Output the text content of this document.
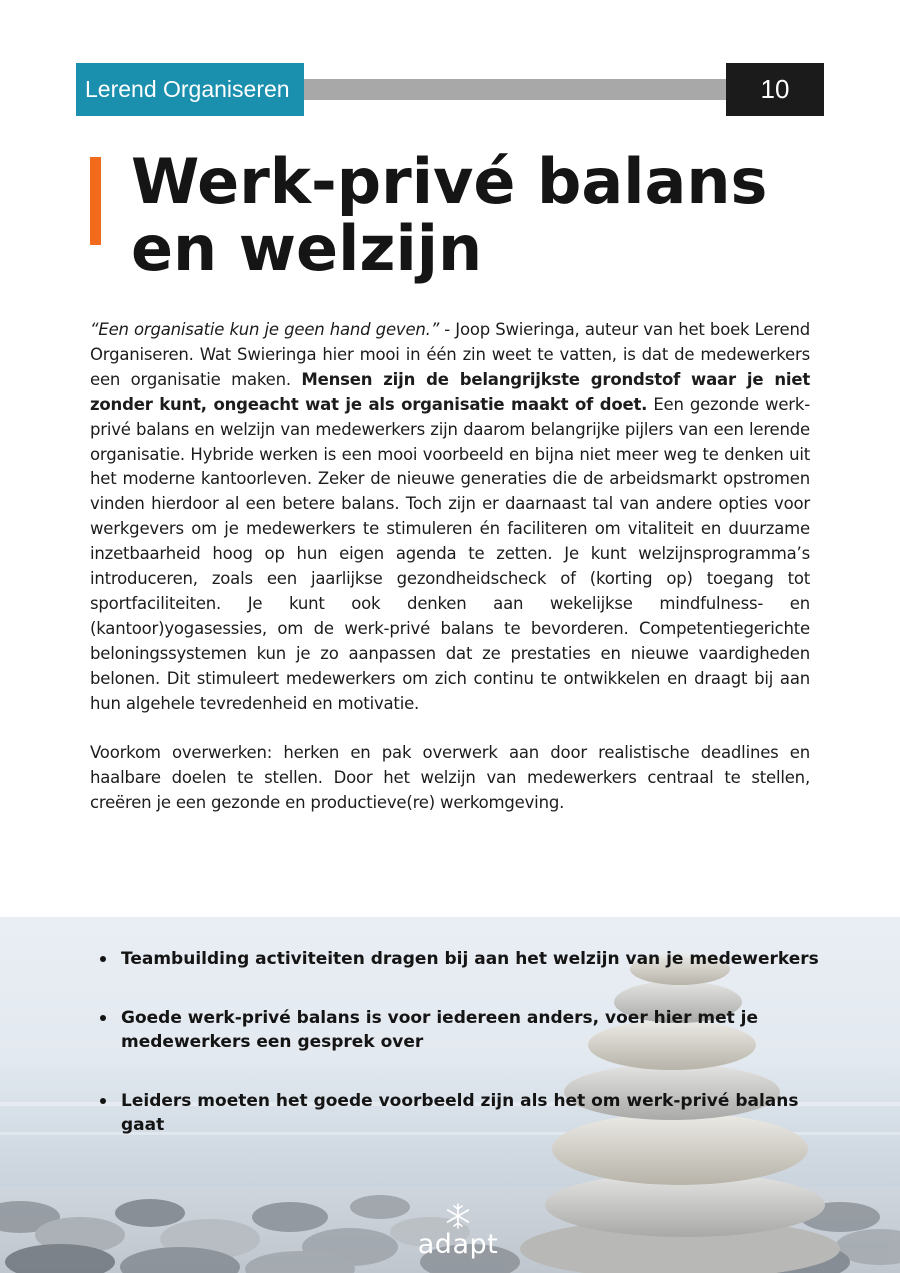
Lerend Organiseren	10
Werk-privé balans
en welzijn

“Een organisatie kun je geen hand geven.” - Joop Swieringa, auteur van het boek Lerend Organiseren. Wat Swieringa hier mooi in één zin weet te vatten, is dat de medewerkers een organisatie maken. Mensen zijn de belangrijkste grondstof waar je niet zonder kunt, ongeacht wat je als organisatie maakt of doet. Een gezonde werk-privé balans en welzijn van medewerkers zijn daarom belangrijke pijlers van een lerende organisatie. Hybride werken is een mooi voorbeeld en bijna niet meer weg te denken uit het moderne kantoorleven. Zeker de nieuwe generaties die de arbeidsmarkt opstromen vinden hierdoor al een betere balans. Toch zijn er daarnaast tal van andere opties voor werkgevers om je medewerkers te stimuleren én faciliteren om vitaliteit en duurzame inzetbaarheid hoog op hun eigen agenda te zetten. Je kunt welzijnsprogramma’s introduceren, zoals een jaarlijkse gezondheidscheck of (korting op) toegang tot sportfaciliteiten. Je kunt ook denken aan wekelijkse mindfulness- en (kantoor)yogasessies, om de werk-privé balans te bevorderen. Competentiegerichte beloningssystemen kun je zo aanpassen dat ze prestaties en nieuwe vaardigheden belonen. Dit stimuleert medewerkers om zich continu te ontwikkelen en draagt bij aan hun algehele tevredenheid en motivatie.

Voorkom overwerken: herken en pak overwerk aan door realistische deadlines en haalbare doelen te stellen. Door het welzijn van medewerkers centraal te stellen, creëren je een gezonde en productieve(re) werkomgeving.

Teambuilding activiteiten dragen bij aan het welzijn van je medewerkers
Goede werk-privé balans is voor iedereen anders, voer hier met je medewerkers een gesprek over
Leiders moeten het goede voorbeeld zijn als het om werk-privé balans gaat
adapt
